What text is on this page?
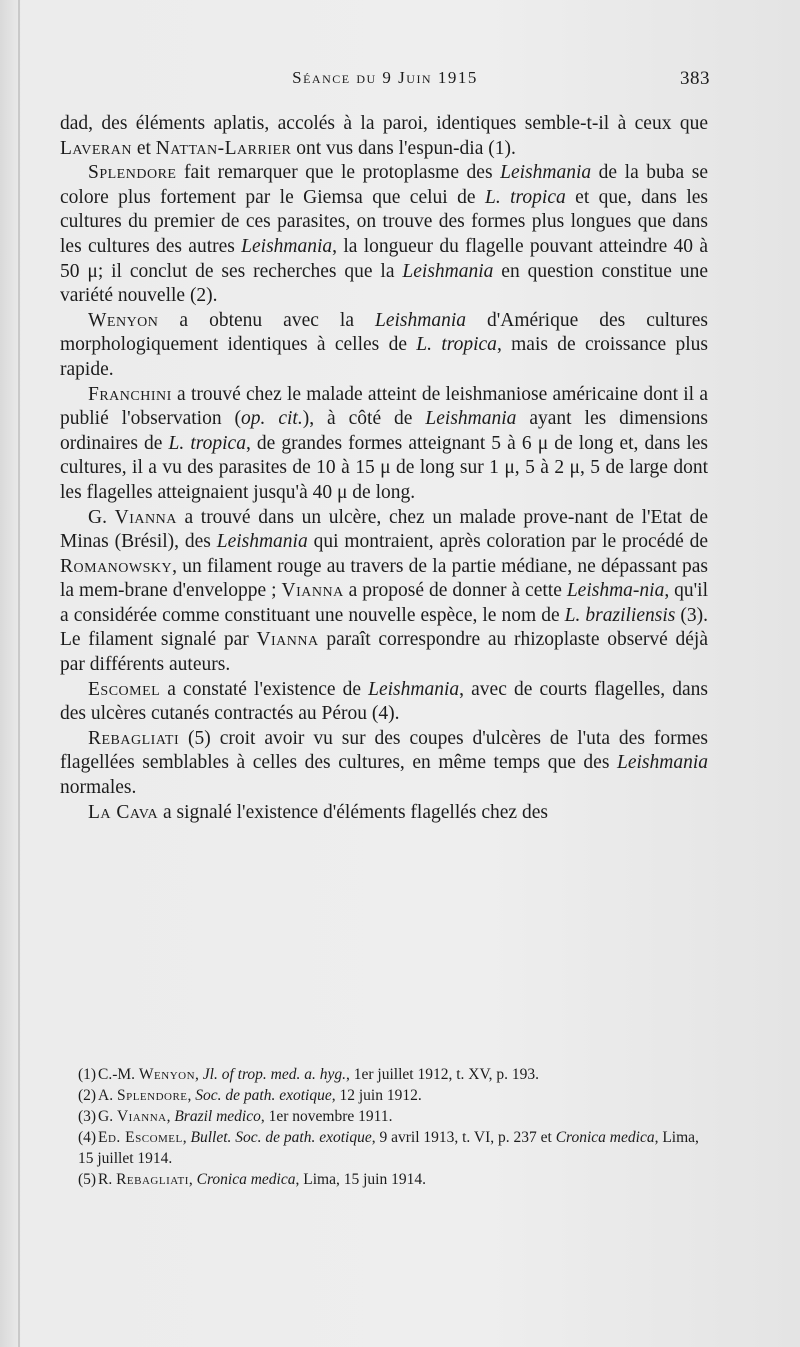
Séance du 9 Juin 1915	383

dad, des éléments aplatis, accolés à la paroi, identiques semble-t-il à ceux que Laveran et Nattan-Larrier ont vus dans l'espun-dia (1).

Splendore fait remarquer que le protoplasme des Leishmania de la buba se colore plus fortement par le Giemsa que celui de L. tropica et que, dans les cultures du premier de ces parasites, on trouve des formes plus longues que dans les cultures des autres Leishmania, la longueur du flagelle pouvant atteindre 40 à 50 μ; il conclut de ses recherches que la Leishmania en question constitue une variété nouvelle (2).

Wenyon a obtenu avec la Leishmania d'Amérique des cultures morphologiquement identiques à celles de L. tropica, mais de croissance plus rapide.

Franchini a trouvé chez le malade atteint de leishmaniose américaine dont il a publié l'observation (op. cit.), à côté de Leishmania ayant les dimensions ordinaires de L. tropica, de grandes formes atteignant 5 à 6 μ de long et, dans les cultures, il a vu des parasites de 10 à 15 μ de long sur 1 μ, 5 à 2 μ, 5 de large dont les flagelles atteignaient jusqu'à 40 μ de long.

G. Vianna a trouvé dans un ulcère, chez un malade prove-nant de l'Etat de Minas (Brésil), des Leishmania qui montraient, après coloration par le procédé de Romanowsky, un filament rouge au travers de la partie médiane, ne dépassant pas la mem-brane d'enveloppe ; Vianna a proposé de donner à cette Leishma-nia, qu'il a considérée comme constituant une nouvelle espèce, le nom de L. braziliensis (3). Le filament signalé par Vianna paraît correspondre au rhizoplaste observé déjà par différents auteurs.

Escomel a constaté l'existence de Leishmania, avec de courts flagelles, dans des ulcères cutanés contractés au Pérou (4).

Rebagliati (5) croit avoir vu sur des coupes d'ulcères de l'uta des formes flagellées semblables à celles des cultures, en même temps que des Leishmania normales.

La Cava a signalé l'existence d'éléments flagellés chez des

(1) C.-M. Wenyon, Jl. of trop. med. a. hyg., 1er juillet 1912, t. XV, p. 193.

(2) A. Splendore, Soc. de path. exotique, 12 juin 1912.

(3) G. Vianna, Brazil medico, 1er novembre 1911.

(4) Ed. Escomel, Bullet. Soc. de path. exotique, 9 avril 1913, t. VI, p. 237 et Cronica medica, Lima, 15 juillet 1914.

(5) R. Rebagliati, Cronica medica, Lima, 15 juin 1914.
